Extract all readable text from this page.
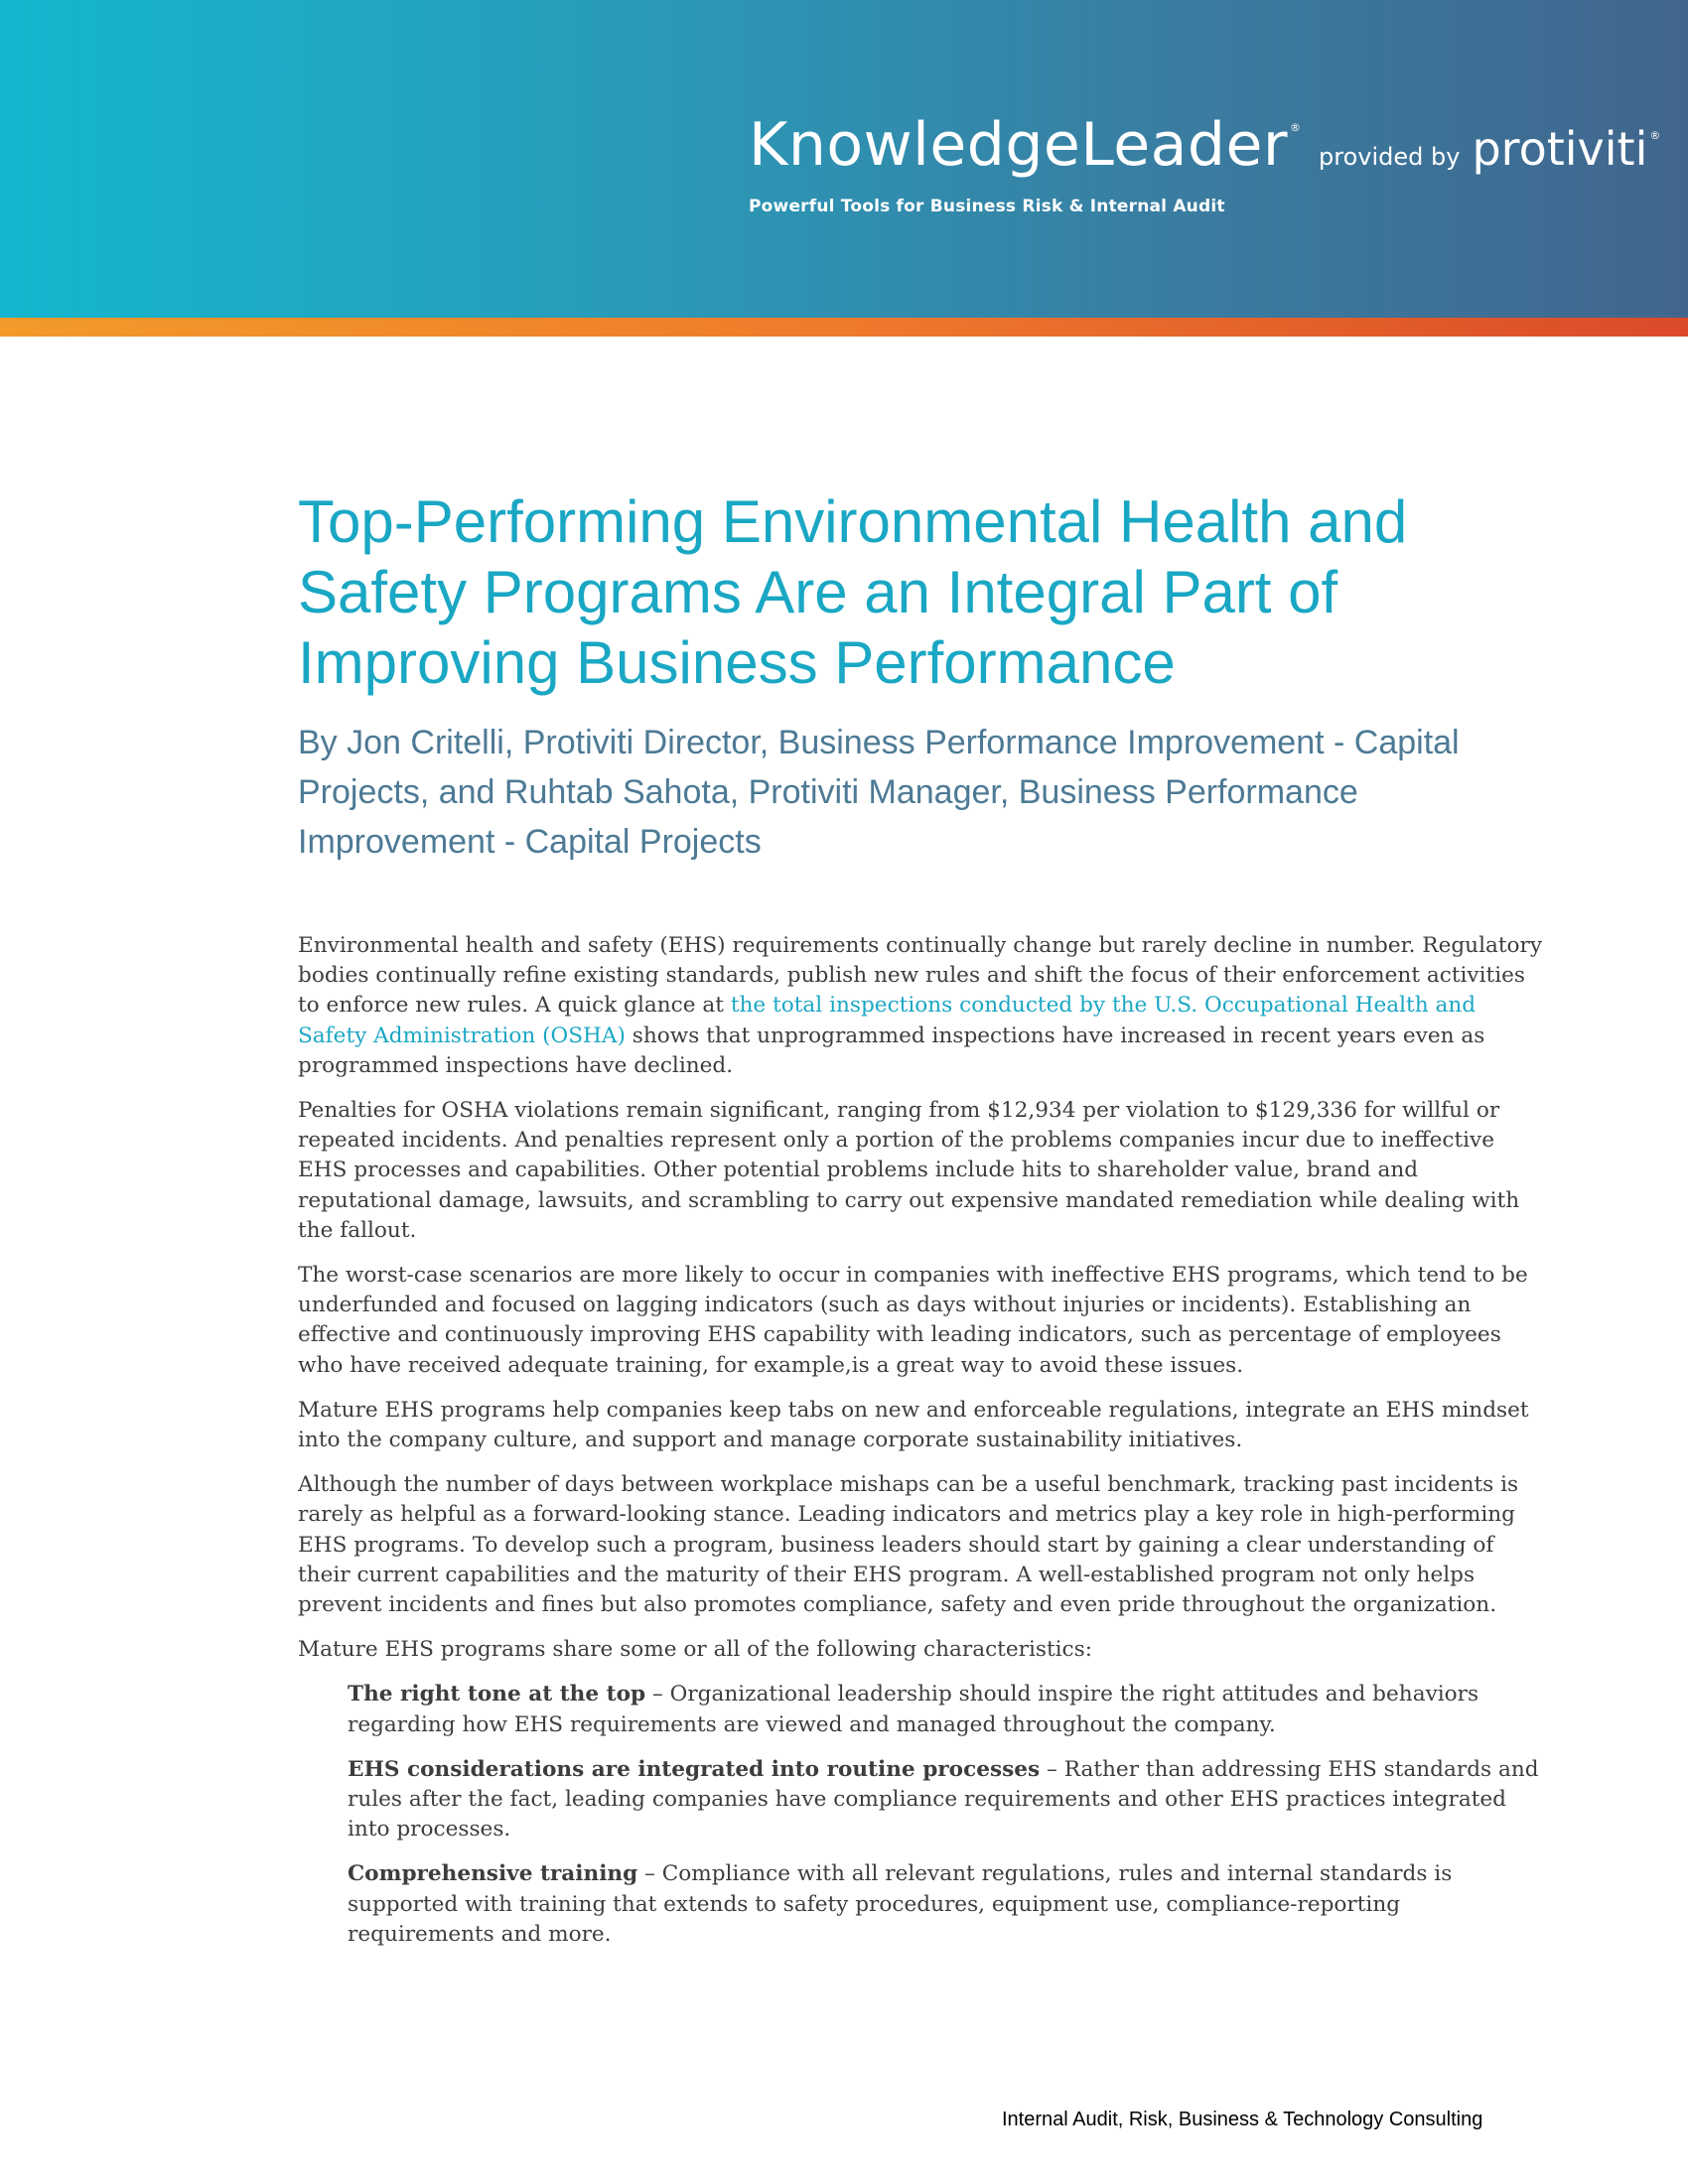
KnowledgeLeader ®
provided by protiviti ®
Powerful Tools for Business Risk & Internal Audit
Top-Performing Environmental Health and Safety Programs Are an Integral Part of Improving Business Performance

By Jon Critelli, Protiviti Director, Business Performance Improvement - Capital Projects, and Ruhtab Sahota, Protiviti Manager, Business Performance Improvement - Capital Projects

Environmental health and safety (EHS) requirements continually change but rarely decline in number. Regulatory bodies continually refine existing standards, publish new rules and shift the focus of their enforcement activities to enforce new rules. A quick glance at the total inspections conducted by the U.S. Occupational Health and Safety Administration (OSHA) shows that unprogrammed inspections have increased in recent years even as programmed inspections have declined.

Penalties for OSHA violations remain significant, ranging from $12,934 per violation to $129,336 for willful or repeated incidents. And penalties represent only a portion of the problems companies incur due to ineffective EHS processes and capabilities. Other potential problems include hits to shareholder value, brand and reputational damage, lawsuits, and scrambling to carry out expensive mandated remediation while dealing with the fallout.

The worst-case scenarios are more likely to occur in companies with ineffective EHS programs, which tend to be underfunded and focused on lagging indicators (such as days without injuries or incidents). Establishing an effective and continuously improving EHS capability with leading indicators, such as percentage of employees who have received adequate training, for example,is a great way to avoid these issues.

Mature EHS programs help companies keep tabs on new and enforceable regulations, integrate an EHS mindset into the company culture, and support and manage corporate sustainability initiatives.

Although the number of days between workplace mishaps can be a useful benchmark, tracking past incidents is rarely as helpful as a forward-looking stance. Leading indicators and metrics play a key role in high-performing EHS programs. To develop such a program, business leaders should start by gaining a clear understanding of their current capabilities and the maturity of their EHS program. A well-established program not only helps prevent incidents and fines but also promotes compliance, safety and even pride throughout the organization.

Mature EHS programs share some or all of the following characteristics:

The right tone at the top – Organizational leadership should inspire the right attitudes and behaviors regarding how EHS requirements are viewed and managed throughout the company.

EHS considerations are integrated into routine processes – Rather than addressing EHS standards and rules after the fact, leading companies have compliance requirements and other EHS practices integrated into processes.

Comprehensive training – Compliance with all relevant regulations, rules and internal standards is supported with training that extends to safety procedures, equipment use, compliance-reporting requirements and more.

Internal Audit, Risk, Business & Technology Consulting
